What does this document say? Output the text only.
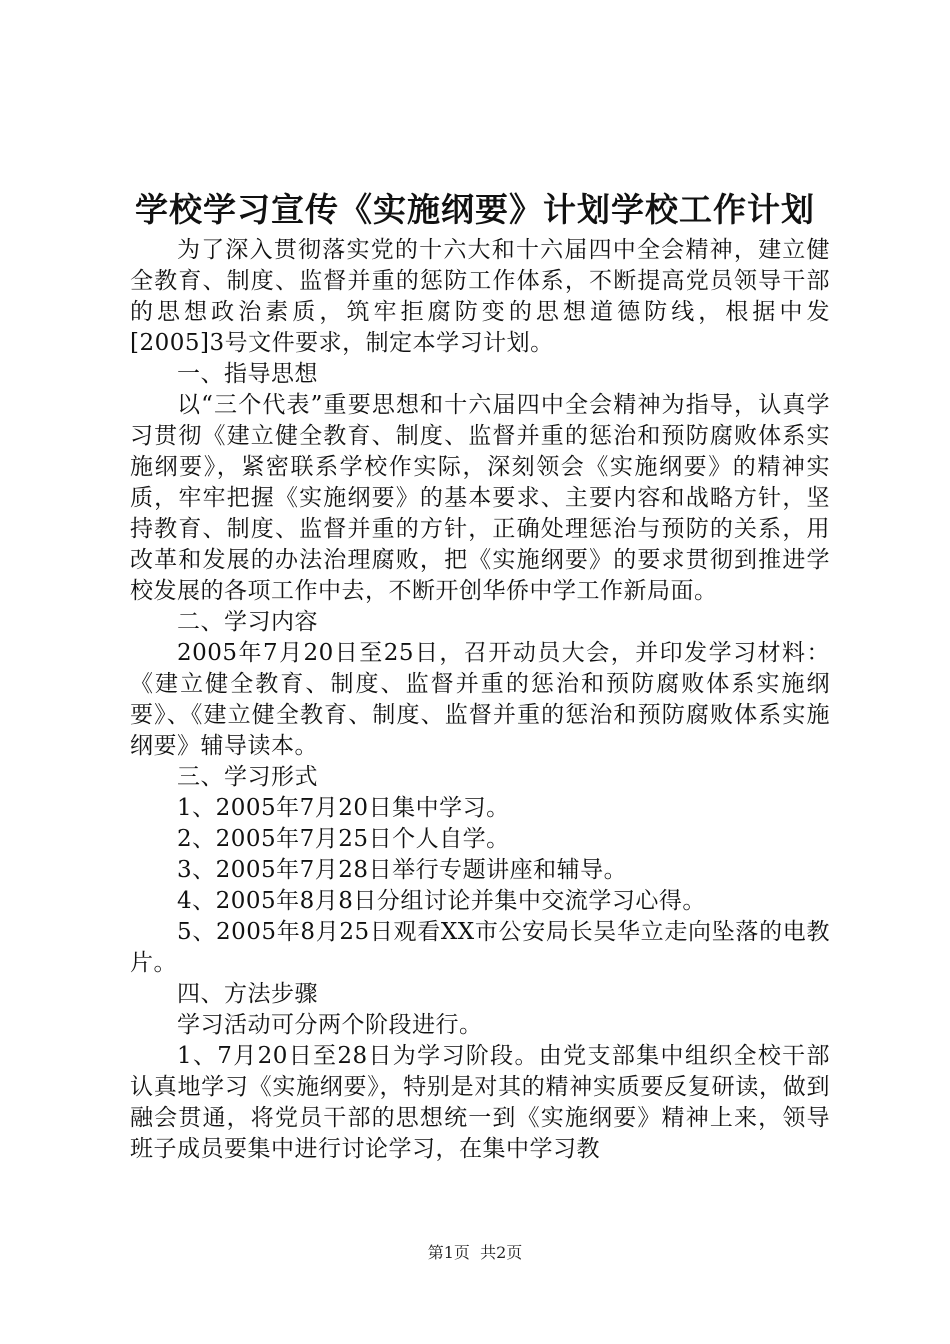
学校学习宣传《实施纲要》计划学校工作计划

为了深入贯彻落实党的十六大和十六届四中全会精神，建立健全教育、制度、监督并重的惩防工作体系，不断提高党员领导干部的思想政治素质，筑牢拒腐防变的思想道德防线，根据中发[2005]3号文件要求，制定本学习计划。

一、指导思想

以“三个代表”重要思想和十六届四中全会精神为指导，认真学习贯彻《建立健全教育、制度、监督并重的惩治和预防腐败体系实施纲要》，紧密联系学校作实际，深刻领会《实施纲要》的精神实质，牢牢把握《实施纲要》的基本要求、主要内容和战略方针，坚持教育、制度、监督并重的方针，正确处理惩治与预防的关系，用改革和发展的办法治理腐败，把《实施纲要》的要求贯彻到推进学校发展的各项工作中去，不断开创华侨中学工作新局面。

二、学习内容

2005年7月20日至25日，召开动员大会，并印发学习材料：《建立健全教育、制度、监督并重的惩治和预防腐败体系实施纲要》、《建立健全教育、制度、监督并重的惩治和预防腐败体系实施纲要》辅导读本。

三、学习形式

1、2005年7月20日集中学习。

2、2005年7月25日个人自学。

3、2005年7月28日举行专题讲座和辅导。

4、2005年8月8日分组讨论并集中交流学习心得。

5、2005年8月25日观看XX市公安局长吴华立走向坠落的电教片。

四、方法步骤

学习活动可分两个阶段进行。

1、7月20日至28日为学习阶段。由党支部集中组织全校干部认真地学习《实施纲要》，特别是对其的精神实质要反复研读，做到融会贯通，将党员干部的思想统一到《实施纲要》精神上来，领导班子成员要集中进行讨论学习，在集中学习教

第1页 共2页
